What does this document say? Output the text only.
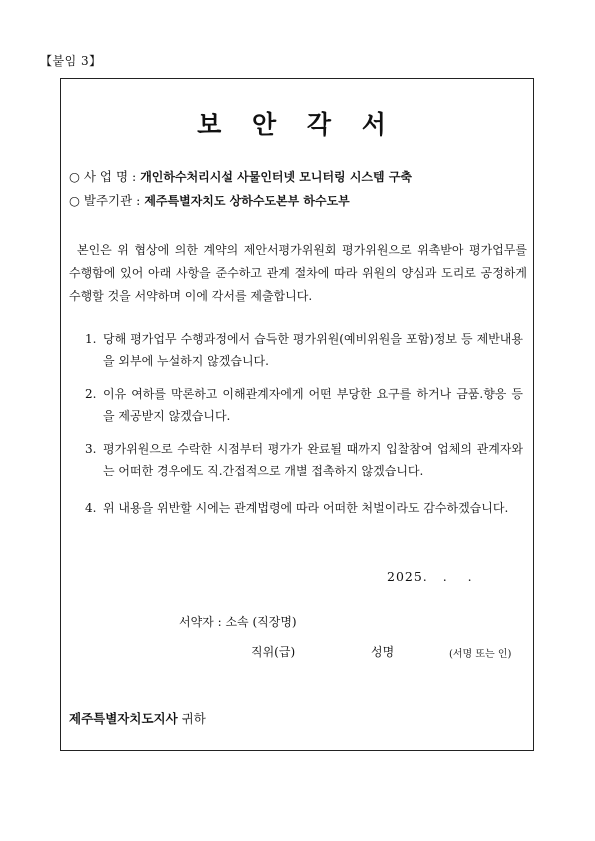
【붙임 3】
보 안 각 서
○ 사 업 명 : 개인하수처리시설 사물인터넷 모니터링 시스템 구축
○ 발주기관 : 제주특별자치도 상하수도본부 하수도부
본인은 위 협상에 의한 계약의 제안서평가위원회 평가위원으로 위촉받아 평가업무를 수행함에 있어 아래 사항을 준수하고 관계 절차에 따라 위원의 양심과 도리로 공정하게 수행할 것을 서약하며 이에 각서를 제출합니다.
1. 당해 평가업무 수행과정에서 습득한 평가위원(예비위원을 포함)정보 등 제반내용을 외부에 누설하지 않겠습니다.
2. 이유 여하를 막론하고 이해관계자에게 어떤 부당한 요구를 하거나 금품.향응 등을 제공받지 않겠습니다.
3. 평가위원으로 수락한 시점부터 평가가 완료될 때까지 입찰참여 업체의 관계자와는 어떠한 경우에도 직.간접적으로 개별 접촉하지 않겠습니다.
4. 위 내용을 위반할 시에는 관계법령에 따라 어떠한 처벌이라도 감수하겠습니다.
2025.   .    .
서약자 : 소속 (직장명)
직위(급)	성명	(서명 또는 인)
제주특별자치도지사 귀하
